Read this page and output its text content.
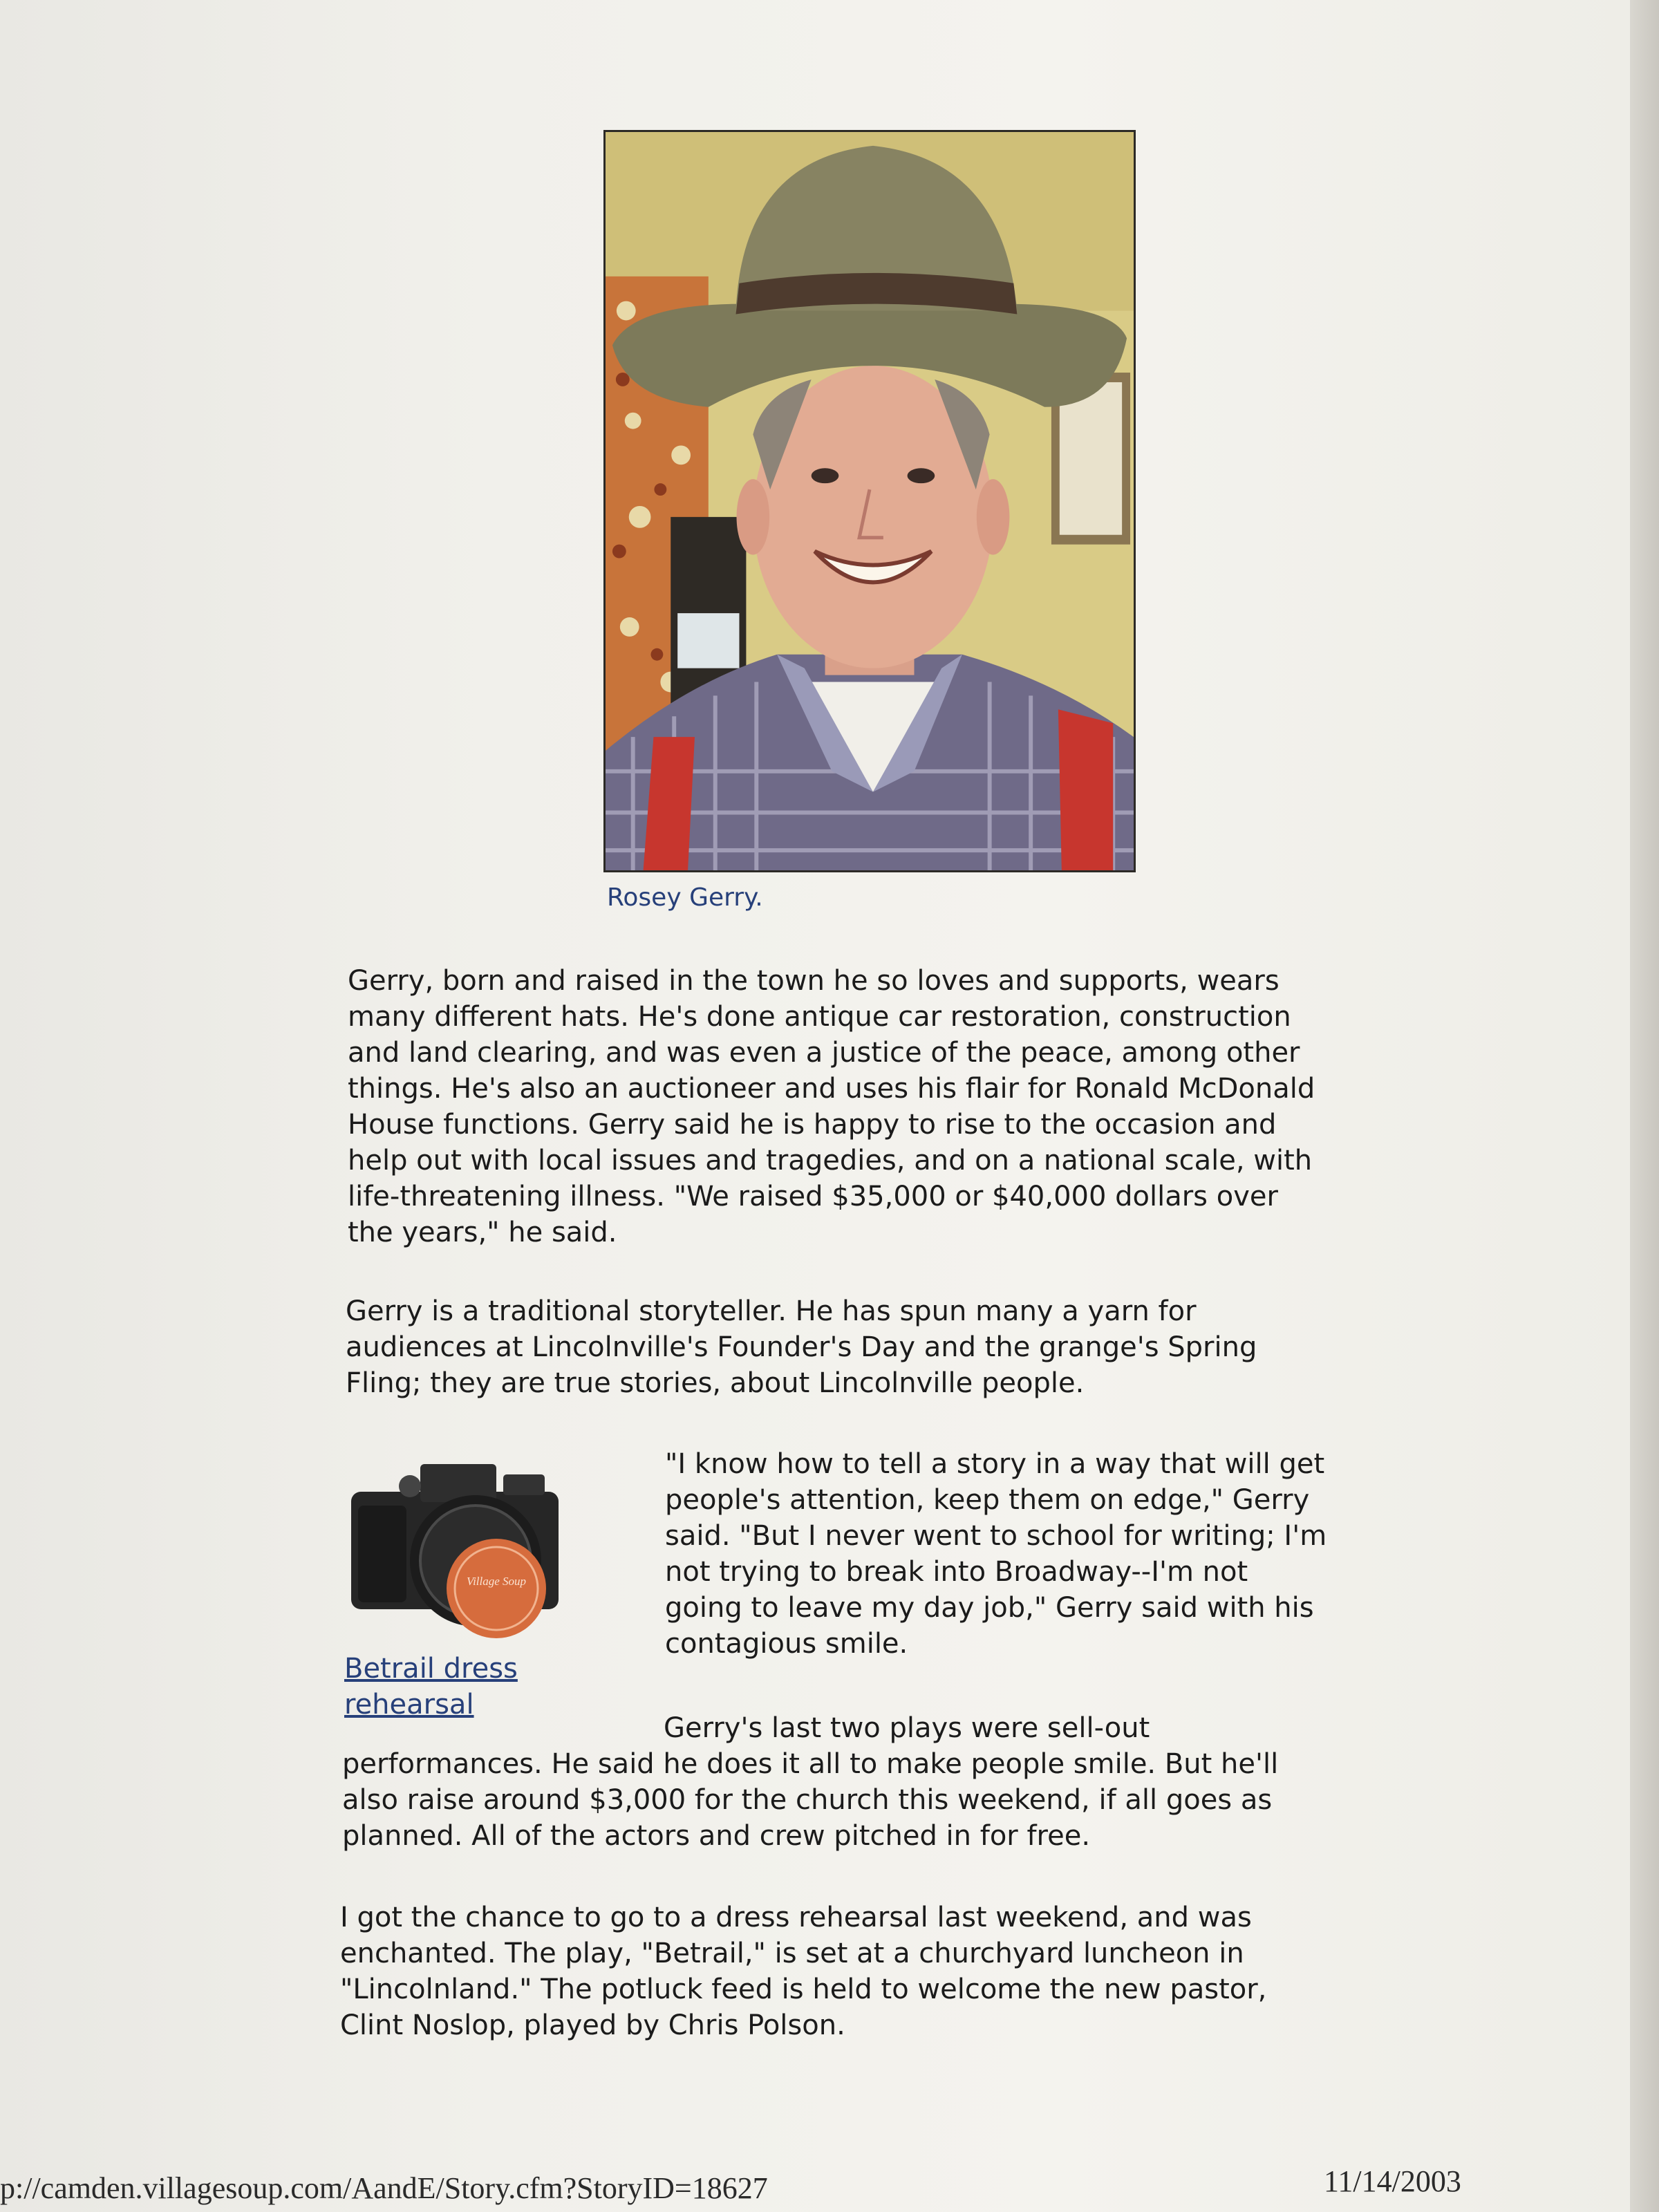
Rosey Gerry.

Gerry, born and raised in the town he so loves and supports, wears
many different hats. He's done antique car restoration, construction
and land clearing, and was even a justice of the peace, among other
things. He's also an auctioneer and uses his flair for Ronald McDonald
House functions. Gerry said he is happy to rise to the occasion and
help out with local issues and tragedies, and on a national scale, with
life-threatening illness. "We raised $35,000 or $40,000 dollars over
the years," he said.

Gerry is a traditional storyteller. He has spun many a yarn for
audiences at Lincolnville's Founder's Day and the grange's Spring
Fling; they are true stories, about Lincolnville people.

Village Soup
Betrail dress
rehearsal

"I know how to tell a story in a way that will get
people's attention, keep them on edge," Gerry
said. "But I never went to school for writing; I'm
not trying to break into Broadway--I'm not
going to leave my day job," Gerry said with his
contagious smile.

Gerry's last two plays were sell-out

performances. He said he does it all to make people smile. But he'll
also raise around $3,000 for the church this weekend, if all goes as
planned. All of the actors and crew pitched in for free.

I got the chance to go to a dress rehearsal last weekend, and was
enchanted. The play, "Betrail," is set at a churchyard luncheon in
"Lincolnland." The potluck feed is held to welcome the new pastor,
Clint Noslop, played by Chris Polson.

p://camden.villagesoup.com/AandE/Story.cfm?StoryID=18627	11/14/2003
